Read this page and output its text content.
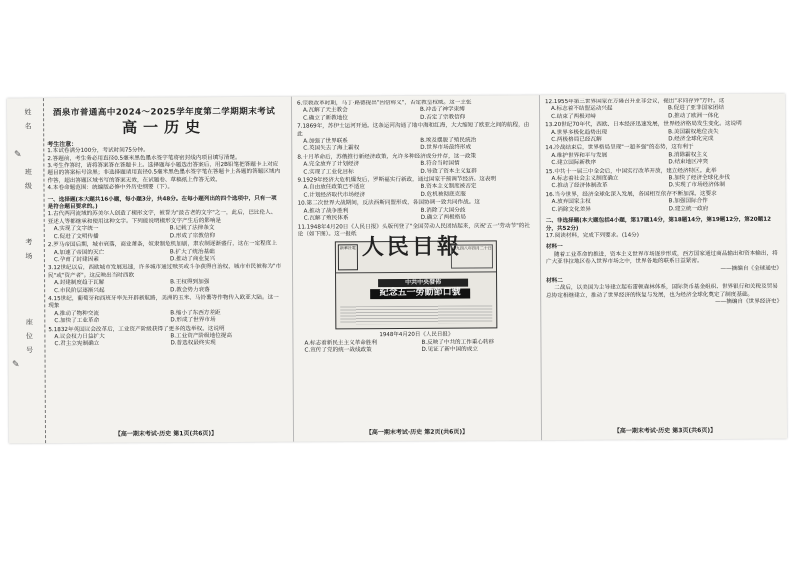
姓
名
班
级
考
场
座
位
号
酒泉市普通高中2024～2025学年度第二学期期末考试
高一历史
考生注意：

1.本试卷满分100分，考试时间75分钟。

2.答题前，考生务必用直径0.5毫米黑色墨水签字笔将密封线内项目填写清楚。

3.考生作答时，请将答案答在答题卡上。选择题每小题选出答案后，用2B铅笔把答题卡上对应题目的答案标号涂黑；非选择题请用直径0.5毫米黑色墨水签字笔在答题卡上各题的答题区域内作答，超出答题区域书写的答案无效，在试题卷、草稿纸上作答无效。

4.本卷命题范围：统编版必修中外历史纲要（下）。

一、选择题(本大题共16小题，每小题3分，共48分。在每小题列出的四个选项中，只有一项是符合题目要求的。)
1.古代两河流域的苏美尔人创造了楔形文字，被誉为"最古老的文字"之一，此后，巴比伦人、亚述人等都继承和使用这种文字。下列能说明楔形文字产生后的影响是
A.实现了文字统一	B.记载了法律条文
C.促进了文明传播	D.形成了宗教信仰
2.罗马帝国后期，城市衰落，商业萧条，奴隶制危机加剧，隶农制逐渐盛行，这在一定程度上
A.加速了帝国的灭亡	B.扩大了统治基础
C.孕育了封建因素	D.推动了商业复兴
3.12世纪以后，西欧城市发展迅速，许多城市通过赎买或斗争获得自治权，城市市民被称为"市民"或"资产者"。这反映出当时西欧
A.封建制度趋于瓦解	B.王权得到加强
C.市民阶层逐渐兴起	D.教会势力衰落
4.15世纪，葡萄牙和西班牙率先开辟新航路，美洲的玉米、马铃薯等作物传入欧亚大陆。这一现象
A.推动了物种交流	B.缩小了东西方差距
C.加快了工业革命	D.形成了世界市场
5.1832年英国议会改革后，工业资产阶级获得了更多的选举权。这说明
A.议会权力日益扩大	B.工业资产阶级地位提高
C.君主立宪制确立	D.普选权最终实现
【高一期末考试·历史 第1页(共6页)】
6.宗教改革时期，马丁·路德提出"因信称义"，否定教皇权威。这一主张
A.瓦解了天主教会	B.冲击了神学束缚
C.确立了新教地位	D.否定了宗教信仰
7.1869年，苏伊士运河开通。这条运河沟通了地中海和红海，大大缩短了欧亚之间的航程，由此
A.加强了世界联系	B.埃及摆脱了殖民统治
C.英国失去了海上霸权	D.世界市场最终形成
8.十月革命后，苏俄推行新经济政策，允许多种经济成分并存，这一政策
A.完全放弃了计划经济	B.符合当时国情
C.实现了工业化目标	D.导致了资本主义复辟
9.1929年经济大危机爆发后，罗斯福实行新政，通过国家干预调节经济。这表明
A.自由放任政策已不适应	B.资本主义制度被否定
C.计划经济取代市场经济	D.危机被彻底克服
10.第二次世界大战期间，反法西斯同盟形成，各国协调一致共同作战。这
A.推动了战争胜利	B.消除了大国分歧
C.瓦解了殖民体系	D.确立了两极格局
11.1948年4月20日《人民日报》头版刊登了"全国劳动人民团结起来，庆祝'五一'劳动节"的社论（如下图）。这一报纸
新華社電 人民日報
一九四八年四月二十日
中共中央發佈
紀念五一勞動節口號
1948年4月20日《人民日报》
A.标志着新民主主义革命胜利	B.反映了中共的工作重心转移
C.宣传了党的统一战线政策	D.见证了新中国的成立
【高一期末考试·历史 第2页(共6页)】
12.1955年第三世界国家在万隆召开亚非会议，提出"求同存异"方针。这
A.标志着不结盟运动兴起	B.促进了亚非国家团结
C.结束了两极对峙	D.推动了欧洲一体化
13.20世纪70年代，西欧、日本经济迅速发展，世界经济格局发生变化。这说明
A.世界多极化趋势出现	B.美国霸权地位丧失
C.两极格局已经瓦解	D.经济全球化完成
14.冷战结束后，世界格局呈现"一超多强"的态势，这有利于
A.维护世界和平与发展	B.消除霸权主义
C.建立国际新秩序	D.结束地区冲突
15.中共十一届三中全会后，中国实行改革开放，建立经济特区。此举
A.标志着社会主义制度确立	B.加快了经济全球化步伐
C.推动了经济体制改革	D.实现了市场经济体制
16.当今世界，经济全球化深入发展，各国相互依存不断加深。这要求
A.放弃国家主权	B.加强国际合作
C.消除文化差异	D.建立统一政府
二、非选择题(本大题包括4小题，第17题14分，第18题14分，第19题12分，第20题12分，共52分)
17.阅读材料，完成下列要求。(14分)
材料一
随着工业革命的推进，资本主义世界市场逐步形成，西方国家通过商品输出和资本输出，将广大亚非拉地区卷入世界市场之中，世界各地的联系日益紧密。
——摘编自《全球通史》
材料二
二战后，以美国为主导建立起布雷顿森林体系，国际货币基金组织、世界银行和关税及贸易总协定相继建立，推动了世界经济的恢复与发展，也为经济全球化奠定了制度基础。
——摘编自《世界经济史》
【高一期末考试·历史 第3页(共6页)】
✎
✎
